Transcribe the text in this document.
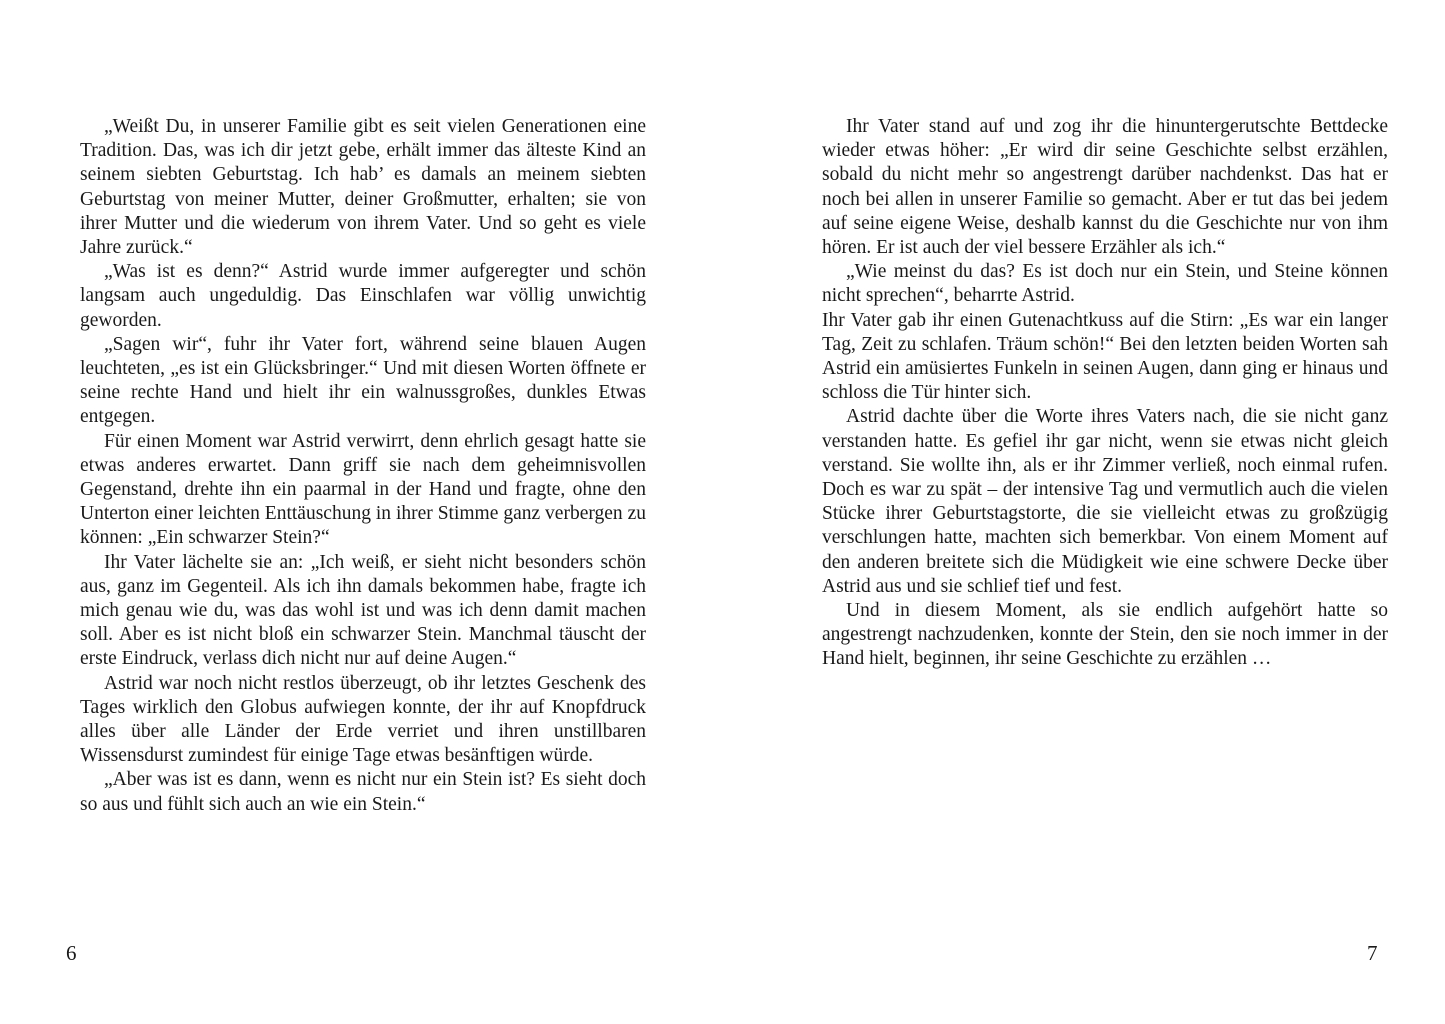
„Weißt Du, in unserer Familie gibt es seit vielen Generationen eine Tradition. Das, was ich dir jetzt gebe, erhält immer das älteste Kind an seinem siebten Geburtstag. Ich hab’ es damals an meinem siebten Geburtstag von meiner Mutter, deiner Großmutter, erhalten; sie von ihrer Mutter und die wiederum von ihrem Vater. Und so geht es viele Jahre zurück.“

„Was ist es denn?“ Astrid wurde immer aufgeregter und schön langsam auch ungeduldig. Das Einschlafen war völlig unwichtig geworden.

„Sagen wir“, fuhr ihr Vater fort, während seine blauen Augen leuchteten, „es ist ein Glücksbringer.“ Und mit diesen Worten öffnete er seine rechte Hand und hielt ihr ein walnussgroßes, dunkles Etwas entgegen.

Für einen Moment war Astrid verwirrt, denn ehrlich gesagt hatte sie etwas anderes erwartet. Dann griff sie nach dem geheimnisvollen Gegenstand, drehte ihn ein paarmal in der Hand und fragte, ohne den Unterton einer leichten Enttäuschung in ihrer Stimme ganz verbergen zu können: „Ein schwarzer Stein?“

Ihr Vater lächelte sie an: „Ich weiß, er sieht nicht besonders schön aus, ganz im Gegenteil. Als ich ihn damals bekommen habe, fragte ich mich genau wie du, was das wohl ist und was ich denn damit machen soll. Aber es ist nicht bloß ein schwarzer Stein. Manchmal täuscht der erste Eindruck, verlass dich nicht nur auf deine Augen.“

Astrid war noch nicht restlos überzeugt, ob ihr letztes Geschenk des Tages wirklich den Globus aufwiegen konnte, der ihr auf Knopfdruck alles über alle Länder der Erde verriet und ihren unstillbaren Wissensdurst zumindest für einige Tage etwas besänftigen würde.

„Aber was ist es dann, wenn es nicht nur ein Stein ist? Es sieht doch so aus und fühlt sich auch an wie ein Stein.“

6

Ihr Vater stand auf und zog ihr die hinuntergerutschte Bettdecke wieder etwas höher: „Er wird dir seine Geschichte selbst erzählen, sobald du nicht mehr so angestrengt darüber nachdenkst. Das hat er noch bei allen in unserer Familie so gemacht. Aber er tut das bei jedem auf seine eigene Weise, deshalb kannst du die Geschichte nur von ihm hören. Er ist auch der viel bessere Erzähler als ich.“

„Wie meinst du das? Es ist doch nur ein Stein, und Steine können nicht sprechen“, beharrte Astrid.

Ihr Vater gab ihr einen Gutenachtkuss auf die Stirn: „Es war ein langer Tag, Zeit zu schlafen. Träum schön!“ Bei den letzten beiden Worten sah Astrid ein amüsiertes Funkeln in seinen Augen, dann ging er hinaus und schloss die Tür hinter sich.

Astrid dachte über die Worte ihres Vaters nach, die sie nicht ganz verstanden hatte. Es gefiel ihr gar nicht, wenn sie etwas nicht gleich verstand. Sie wollte ihn, als er ihr Zimmer verließ, noch einmal rufen. Doch es war zu spät – der intensive Tag und vermutlich auch die vielen Stücke ihrer Geburtstagstorte, die sie vielleicht etwas zu großzügig verschlungen hatte, machten sich bemerkbar. Von einem Moment auf den anderen breitete sich die Müdigkeit wie eine schwere Decke über Astrid aus und sie schlief tief und fest.

Und in diesem Moment, als sie endlich aufgehört hatte so angestrengt nachzudenken, konnte der Stein, den sie noch immer in der Hand hielt, beginnen, ihr seine Geschichte zu erzählen …

7
